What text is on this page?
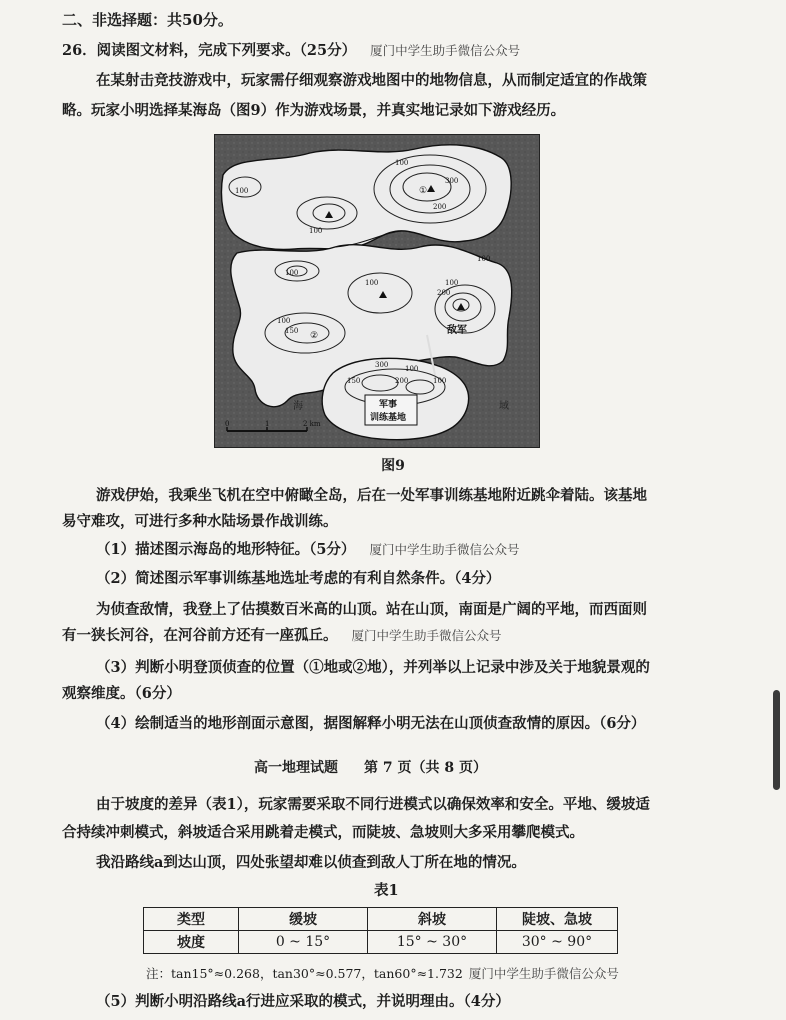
二、非选择题：共50分。
26．阅读图文材料，完成下列要求。（25分） 厦门中学生助手微信公众号
在某射击竞技游戏中，玩家需仔细观察游戏地图中的地物信息，从而制定适宜的作战策
略。玩家小明选择某海岛（图9）作为游戏场景，并真实地记录如下游戏经历。
①
②	敌军
军事
训练基地
海	域
0	1	2 km
100
200
300
100
100
100
200
100
150
100
100
100
300 100
200
150	100
图9
游戏伊始，我乘坐飞机在空中俯瞰全岛，后在一处军事训练基地附近跳伞着陆。该基地
易守难攻，可进行多种水陆场景作战训练。
（1）描述图示海岛的地形特征。（5分） 厦门中学生助手微信公众号
（2）简述图示军事训练基地选址考虑的有利自然条件。（4分）
为侦查敌情，我登上了估摸数百米高的山顶。站在山顶，南面是广阔的平地，而西面则
有一狭长河谷，在河谷前方还有一座孤丘。 厦门中学生助手微信公众号
（3）判断小明登顶侦查的位置（①地或②地），并列举以上记录中涉及关于地貌景观的
观察维度。（6分）
（4）绘制适当的地形剖面示意图，据图解释小明无法在山顶侦查敌情的原因。（6分）
高一地理试题 第 7 页（共 8 页）
由于坡度的差异（表1），玩家需要采取不同行进模式以确保效率和安全。平地、缓坡适
合持续冲刺模式，斜坡适合采用跳着走模式，而陡坡、急坡则大多采用攀爬模式。
我沿路线a到达山顶，四处张望却难以侦查到敌人丁所在地的情况。
表1
类型	缓坡	斜坡	陡坡、急坡
坡度	0 ~ 15°	15° ~ 30°	30° ~ 90°
注：tan15°≈0.268，tan30°≈0.577，tan60°≈1.732 厦门中学生助手微信公众号
（5）判断小明沿路线a行进应采取的模式，并说明理由。（4分）
